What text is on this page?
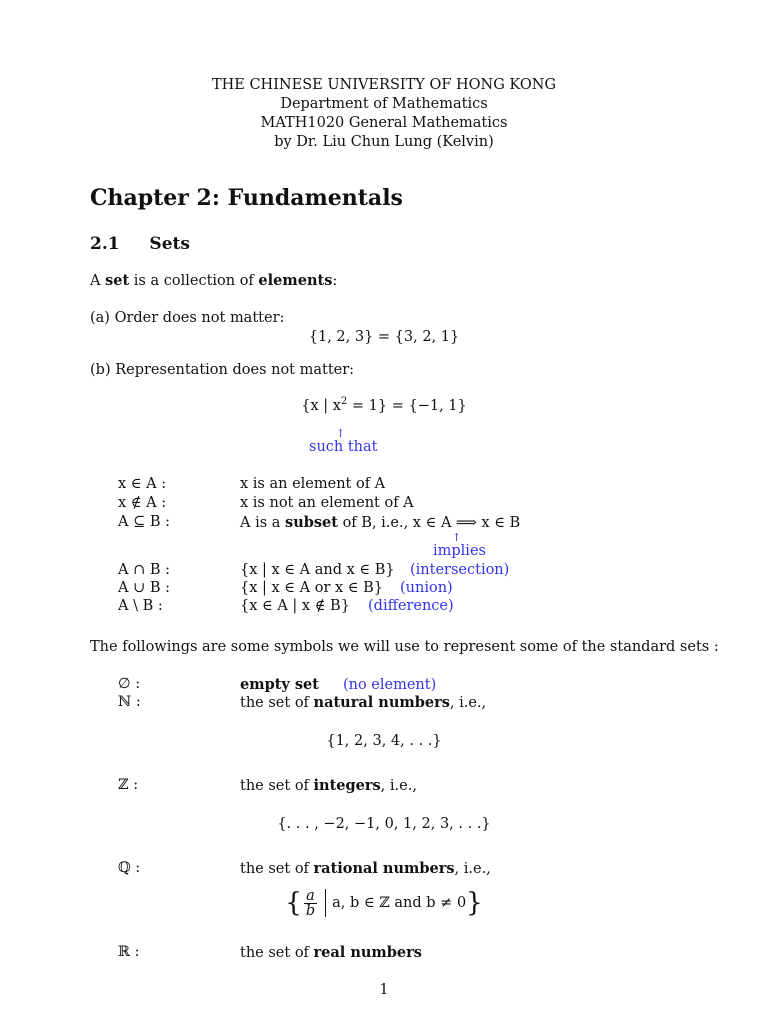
THE CHINESE UNIVERSITY OF HONG KONG
Department of Mathematics
MATH1020 General Mathematics
by Dr. Liu Chun Lung (Kelvin)
Chapter 2: Fundamentals
2.1 Sets
A set is a collection of elements:
(a) Order does not matter:
{1, 2, 3} = {3, 2, 1}
(b) Representation does not matter:
{x | $x^2 = 1\} = \{-1$, 1}
↑
such that
x ∈ A :	x is an element of A
x ∉ A :	x is not an element of A
A ⊆ B :	A is a subset of B, i.e., x ∈ A ⟹ x ∈ B
↑
implies
A ∩ B :	{x | x ∈ A and x ∈ B} (intersection)
A ∪ B :	{x | x ∈ A or x ∈ B} (union)
A \ B :	{x ∈ A | x ∉ B} (difference)
The followings are some symbols we will use to represent some of the standard sets :
∅ :	empty set (no element)
ℕ :	the set of natural numbers, i.e.,
{1, 2, 3, 4, . . .}
ℤ :	the set of integers, i.e.,
{. . . , −2, −1, 0, 1, 2, 3, . . .}
ℚ :	the set of rational numbers, i.e.,
{ $\frac{a}{b} a$, b ∈ ℤ and b ≠ 0}
ℝ :	the set of real numbers
1
